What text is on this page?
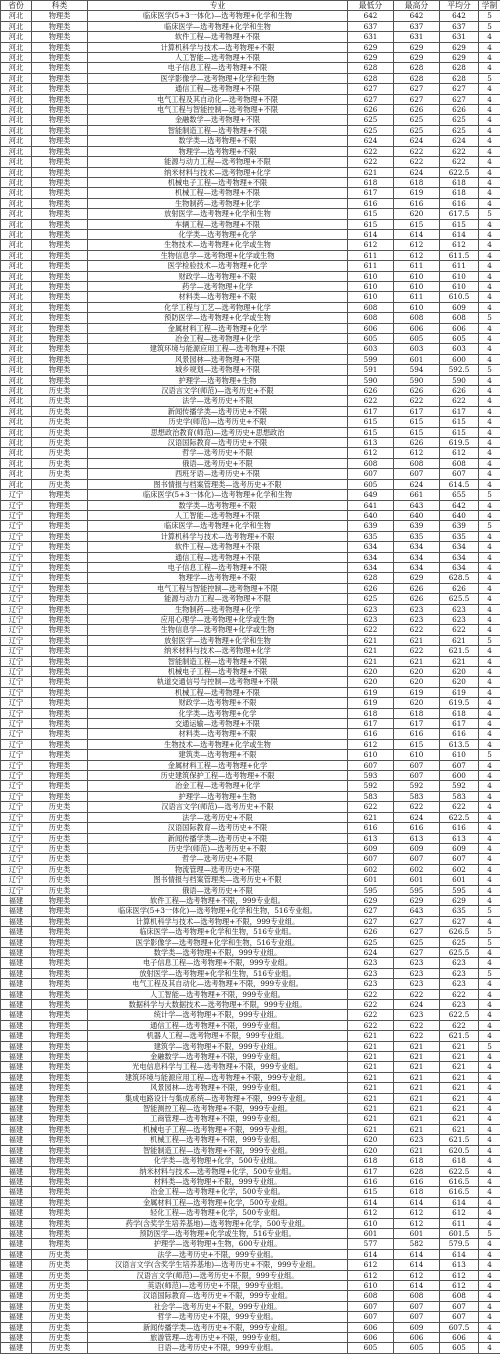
省份	科类	专业	最低分	最高分	平均分	学制
河北	物理类	临床医学(5+3一体化)—选考物理+化学和生物	642	642	642	5
河北	物理类	临床医学—选考物理+化学和生物	637	637	637	5
河北	物理类	软件工程—选考物理+不限	631	631	631	4
河北	物理类	计算机科学与技术—选考物理+不限	629	629	629	4
河北	物理类	人工智能—选考物理+不限	629	629	629	4
河北	物理类	电子信息工程—选考物理+不限	628	628	628	4
河北	物理类	医学影像学—选考物理+化学和生物	628	628	628	5
河北	物理类	通信工程—选考物理+不限	627	627	627	4
河北	物理类	电气工程及其自动化—选考物理+不限	627	627	627	4
河北	物理类	电气工程与智能控制—选考物理+不限	626	626	626	4
河北	物理类	金融数学—选考物理+不限	625	625	625	4
河北	物理类	智能制造工程—选考物理+不限	625	625	625	4
河北	物理类	数学类—选考物理+不限	624	624	624	4
河北	物理类	物理学—选考物理+不限	622	622	622	4
河北	物理类	能源与动力工程—选考物理+不限	622	622	622	4
河北	物理类	纳米材料与技术—选考物理+化学	621	624	622.5	4
河北	物理类	机械电子工程—选考物理+不限	618	618	618	4
河北	物理类	机械工程—选考物理+不限	617	619	618	4
河北	物理类	生物制药—选考物理+化学	616	616	616	4
河北	物理类	放射医学—选考物理+化学和生物	615	620	617.5	5
河北	物理类	车辆工程—选考物理+不限	615	615	615	4
河北	物理类	化学类—选考物理+化学	614	614	614	4
河北	物理类	生物技术—选考物理+化学或生物	612	612	612	4
河北	物理类	生物信息学—选考物理+化学或生物	611	612	611.5	4
河北	物理类	医学检验技术—选考物理+化学	611	611	611	4
河北	物理类	财政学—选考物理+不限	610	610	610	4
河北	物理类	药学—选考物理+化学	610	610	610	4
河北	物理类	材料类—选考物理+不限	610	611	610.5	4
河北	物理类	化学工程与工艺—选考物理+化学	608	610	609	4
河北	物理类	预防医学—选考物理+化学或生物	608	608	608	5
河北	物理类	金属材料工程—选考物理+化学	606	606	606	4
河北	物理类	冶金工程—选考物理+化学	605	605	605	4
河北	物理类	建筑环境与能源应用工程—选考物理+不限	603	603	603	4
河北	物理类	风景园林—选考物理+不限	599	601	600	4
河北	物理类	城乡规划—选考物理+不限	591	594	592.5	5
河北	物理类	护理学—选考物理+生物	590	590	590	4
河北	历史类	汉语言文学(师范)—选考历史+不限	626	626	626	4
河北	历史类	法学—选考历史+不限	622	622	622	4
河北	历史类	新闻传播学类—选考历史+不限	617	617	617	4
河北	历史类	历史学(师范)—选考历史+不限	615	615	615	4
河北	历史类	思想政治教育(师范)—选考历史+思想政治	615	615	615	4
河北	历史类	汉语国际教育—选考历史+不限	613	626	619.5	4
河北	历史类	哲学—选考历史+不限	612	612	612	4
河北	历史类	俄语—选考历史+不限	608	608	608	4
河北	历史类	西班牙语—选考历史+不限	607	607	607	4
河北	历史类	图书情报与档案管理类—选考历史+不限	605	624	614.5	4
辽宁	物理类	临床医学(5+3一体化)—选考物理+化学和生物	649	661	655	5
辽宁	物理类	数学类—选考物理+不限	641	643	642	4
辽宁	物理类	人工智能—选考物理+不限	640	640	640	4
辽宁	物理类	临床医学—选考物理+化学和生物	639	639	639	5
辽宁	物理类	计算机科学与技术—选考物理+不限	635	635	635	4
辽宁	物理类	软件工程—选考物理+不限	634	634	634	4
辽宁	物理类	通信工程—选考物理+不限	634	634	634	4
辽宁	物理类	电子信息工程—选考物理+不限	634	634	634	4
辽宁	物理类	物理学—选考物理+不限	628	629	628.5	4
辽宁	物理类	电气工程与智能控制—选考物理+不限	626	626	626	4
辽宁	物理类	能源与动力工程—选考物理+不限	625	626	625.5	4
辽宁	物理类	生物制药—选考物理+化学	623	623	623	4
辽宁	物理类	应用心理学—选考物理+化学或生物	623	623	623	4
辽宁	物理类	生物信息学—选考物理+化学或生物	622	622	622	4
辽宁	物理类	放射医学—选考物理+化学和生物	621	621	621	5
辽宁	物理类	纳米材料与技术—选考物理+化学	621	622	621.5	4
辽宁	物理类	智能制造工程—选考物理+不限	621	621	621	4
辽宁	物理类	机械电子工程—选考物理+不限	620	620	620	4
辽宁	物理类	轨道交通信号与控制—选考物理+不限	620	620	620	4
辽宁	物理类	机械工程—选考物理+不限	619	619	619	4
辽宁	物理类	财政学—选考物理+不限	619	620	619.5	4
辽宁	物理类	化学类—选考物理+化学	618	618	618	4
辽宁	物理类	交通运输—选考物理+不限	617	617	617	4
辽宁	物理类	材料类—选考物理+不限	616	616	616	4
辽宁	物理类	生物技术—选考物理+化学或生物	612	615	613.5	4
辽宁	物理类	建筑类—选考物理+不限	610	610	610	5
辽宁	物理类	金属材料工程—选考物理+化学	607	607	607	4
辽宁	物理类	历史建筑保护工程—选考物理+不限	593	607	600	4
辽宁	物理类	冶金工程—选考物理+化学	592	592	592	4
辽宁	物理类	护理学—选考物理+生物	583	583	583	4
辽宁	历史类	汉语言文学(师范)—选考历史+不限	622	622	622	4
辽宁	历史类	法学—选考历史+不限	621	624	622.5	4
辽宁	历史类	汉语国际教育—选考历史+不限	616	616	616	4
辽宁	历史类	新闻传播学类—选考历史+不限	613	613	613	4
辽宁	历史类	历史学(师范)—选考历史+不限	609	609	609	4
辽宁	历史类	哲学—选考历史+不限	607	607	607	4
辽宁	历史类	物流管理—选考历史+不限	602	602	602	4
辽宁	历史类	图书情报与档案管理类—选考历史+不限	601	601	601	4
辽宁	历史类	俄语—选考历史+不限	595	595	595	4
福建	物理类	软件工程—选考物理+不限，999专业组。	629	629	629	4
福建	物理类	临床医学(5+3一体化)—选考物理+化学和生物，516专业组。	627	643	635	5
福建	物理类	计算机科学与技术—选考物理+不限，999专业组。	627	627	627	4
福建	物理类	临床医学—选考物理+化学和生物，516专业组。	626	627	626.5	5
福建	物理类	医学影像学—选考物理+化学和生物，516专业组。	625	625	625	5
福建	物理类	数学类—选考物理+不限，999专业组。	624	627	625.5	4
福建	物理类	电子信息工程—选考物理+不限，999专业组。	623	623	623	4
福建	物理类	放射医学—选考物理+化学和生物，516专业组。	623	623	623	5
福建	物理类	电气工程及其自动化—选考物理+不限，999专业组。	623	623	623	4
福建	物理类	人工智能—选考物理+不限，999专业组。	622	622	622	4
福建	物理类	数据科学与大数据技术—选考物理+不限，999专业组。	622	624	623	4
福建	物理类	统计学—选考物理+不限，999专业组。	622	623	622.5	4
福建	物理类	通信工程—选考物理+不限，999专业组。	622	622	622	4
福建	物理类	机器人工程—选考物理+不限，999专业组。	621	622	621.5	4
福建	物理类	建筑学—选考物理+不限，999专业组。	621	621	621	5
福建	物理类	金融数学—选考物理+不限，999专业组。	621	621	621	4
福建	物理类	光电信息科学与工程—选考物理+不限，999专业组。	621	621	621	4
福建	物理类	建筑环境与能源应用工程—选考物理+不限，999专业组。	621	621	621	4
福建	物理类	风景园林—选考物理+不限，999专业组。	621	621	621	4
福建	物理类	集成电路设计与集成系统—选考物理+不限，999专业组。	621	621	621	4
福建	物理类	智能测控工程—选考物理+不限，999专业组。	621	621	621	4
福建	物理类	工商管理—选考物理+不限，999专业组。	621	621	621	4
福建	物理类	机械电子工程—选考物理+不限，999专业组。	621	621	621	4
福建	物理类	机械工程—选考物理+不限，999专业组。	620	623	621.5	4
福建	物理类	智能制造工程—选考物理+不限，999专业组。	620	621	620.5	4
福建	物理类	化学类—选考物理+化学，500专业组。	618	618	618	4
福建	物理类	纳米材料与技术—选考物理+化学，500专业组。	617	628	622.5	4
福建	物理类	材料类—选考物理+不限，999专业组。	616	616	616.5	4
福建	物理类	冶金工程—选考物理+化学，500专业组。	615	618	616.5	4
福建	物理类	金属材料工程—选考物理+化学，500专业组。	614	614	614	4
福建	物理类	轻化工程—选考物理+化学，500专业组。	612	612	612	4
福建	物理类	药学(含奖学生培养基地)—选考物理+化学，500专业组。	610	612	611	4
福建	物理类	预防医学—选考物理+化学或生物，516专业组。	601	601	601.5	5
福建	物理类	护理学—选考物理+生物，600专业组。	577	582	579.5	4
福建	历史类	法学—选考历史+不限，999专业组。	614	614	614	4
福建	历史类	汉语言文学(含奖学生培养基地)—选考历史+不限，999专业组。	612	614	613	4
福建	历史类	汉语言文学(师范)—选考历史+不限，999专业组。	612	612	612	4
福建	历史类	英语(师范)—选考历史+不限，999专业组。	610	614	612	4
福建	历史类	汉语国际教育—选考历史+不限，999专业组。	608	608	608	4
福建	历史类	社会学—选考历史+不限，999专业组。	607	607	607	4
福建	历史类	哲学—选考历史+不限，999专业组。	607	607	607	4
福建	历史类	新闻传播学类—选考历史+不限，999专业组。	606	609	607.5	4
福建	历史类	旅游管理—选考历史+不限，999专业组。	606	606	606	4
福建	历史类	日语—选考历史+不限，999专业组。	605	605	605	4
